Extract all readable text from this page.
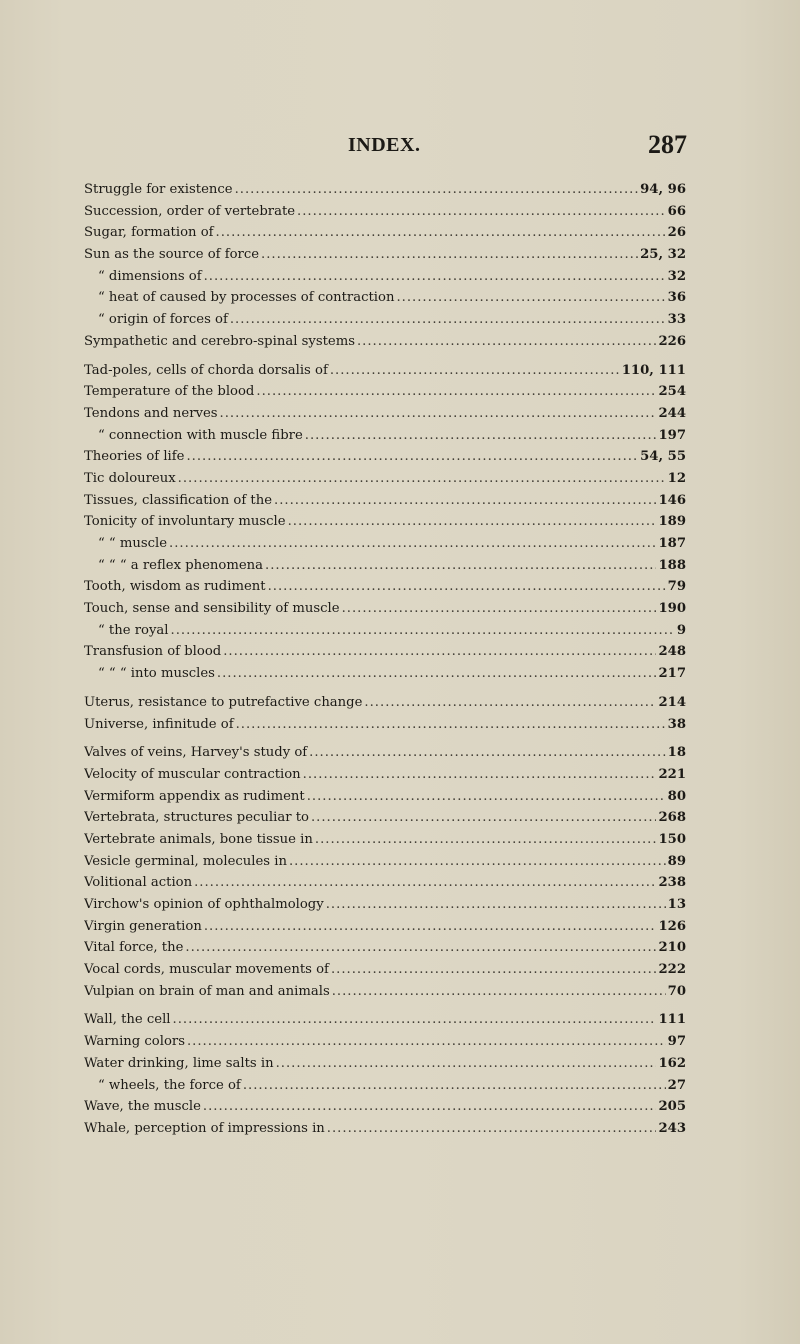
INDEX.	287
Struggle for existence .....	94, 96
Succession, order of vertebrate .....	66
Sugar, formation of .....	26
Sun as the source of force .....	25, 32
“ dimensions of .....	32
“ heat of caused by processes of contraction .....	36
“ origin of forces of .....	33
Sympathetic and cerebro-spinal systems .....	226
Tad-poles, cells of chorda dorsalis of .....	110, 111
Temperature of the blood .....	254
Tendons and nerves .....	244
“ connection with muscle fibre .....	197
Theories of life .....	54, 55
Tic doloureux .....	12
Tissues, classification of the .....	146
Tonicity of involuntary muscle .....	189
“ “ muscle .....	187
“ “ “ a reflex phenomena .....	188
Tooth, wisdom as rudiment .....	79
Touch, sense and sensibility of muscle .....	190
“ the royal .....	9
Transfusion of blood .....	248
“ “ “ into muscles .....	217
Uterus, resistance to putrefactive change .....	214
Universe, infinitude of .....	38
Valves of veins, Harvey's study of .....	18
Velocity of muscular contraction .....	221
Vermiform appendix as rudiment .....	80
Vertebrata, structures peculiar to .....	268
Vertebrate animals, bone tissue in .....	150
Vesicle germinal, molecules in .....	89
Volitional action .....	238
Virchow's opinion of ophthalmology .....	13
Virgin generation .....	126
Vital force, the .....	210
Vocal cords, muscular movements of .....	222
Vulpian on brain of man and animals .....	70
Wall, the cell .....	111
Warning colors .....	97
Water drinking, lime salts in .....	162
“ wheels, the force of .....	27
Wave, the muscle .....	205
Whale, perception of impressions in .....	243
